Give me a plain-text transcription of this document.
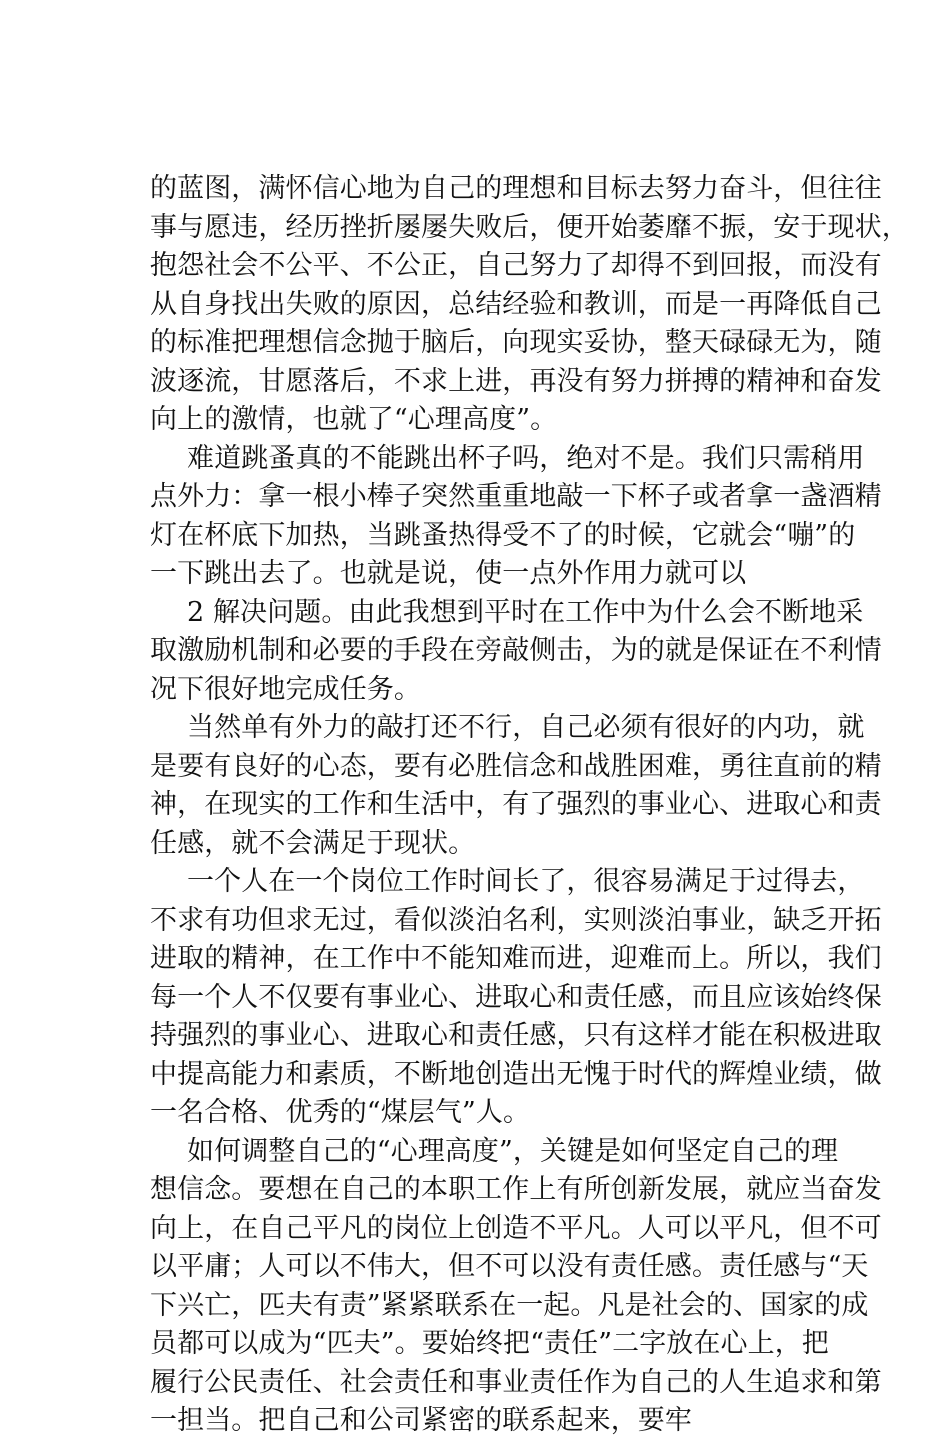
的蓝图，满怀信心地为自己的理想和目标去努力奋斗，但往往
事与愿违，经历挫折屡屡失败后，便开始萎靡不振，安于现状，
抱怨社会不公平、不公正，自己努力了却得不到回报，而没有
从自身找出失败的原因，总结经验和教训，而是一再降低自己
的标准把理想信念抛于脑后，向现实妥协，整天碌碌无为，随
波逐流，甘愿落后，不求上进，再没有努力拼搏的精神和奋发
向上的激情，也就了“心理高度”。
难道跳蚤真的不能跳出杯子吗，绝对不是。我们只需稍用
点外力：拿一根小棒子突然重重地敲一下杯子或者拿一盏酒精
灯在杯底下加热，当跳蚤热得受不了的时候，它就会“嘣”的
一下跳出去了。也就是说，使一点外作用力就可以
2 解决问题。由此我想到平时在工作中为什么会不断地采
取激励机制和必要的手段在旁敲侧击，为的就是保证在不利情
况下很好地完成任务。
当然单有外力的敲打还不行，自己必须有很好的内功，就
是要有良好的心态，要有必胜信念和战胜困难，勇往直前的精
神，在现实的工作和生活中，有了强烈的事业心、进取心和责
任感，就不会满足于现状。
一个人在一个岗位工作时间长了，很容易满足于过得去，
不求有功但求无过，看似淡泊名利，实则淡泊事业，缺乏开拓
进取的精神，在工作中不能知难而进，迎难而上。所以，我们
每一个人不仅要有事业心、进取心和责任感，而且应该始终保
持强烈的事业心、进取心和责任感，只有这样才能在积极进取
中提高能力和素质，不断地创造出无愧于时代的辉煌业绩，做
一名合格、优秀的“煤层气”人。
如何调整自己的“心理高度”，关键是如何坚定自己的理
想信念。要想在自己的本职工作上有所创新发展，就应当奋发
向上，在自己平凡的岗位上创造不平凡。人可以平凡，但不可
以平庸；人可以不伟大，但不可以没有责任感。责任感与“天
下兴亡，匹夫有责”紧紧联系在一起。凡是社会的、国家的成
员都可以成为“匹夫”。要始终把“责任”二字放在心上，把
履行公民责任、社会责任和事业责任作为自己的人生追求和第
一担当。把自己和公司紧密的联系起来，要牢
